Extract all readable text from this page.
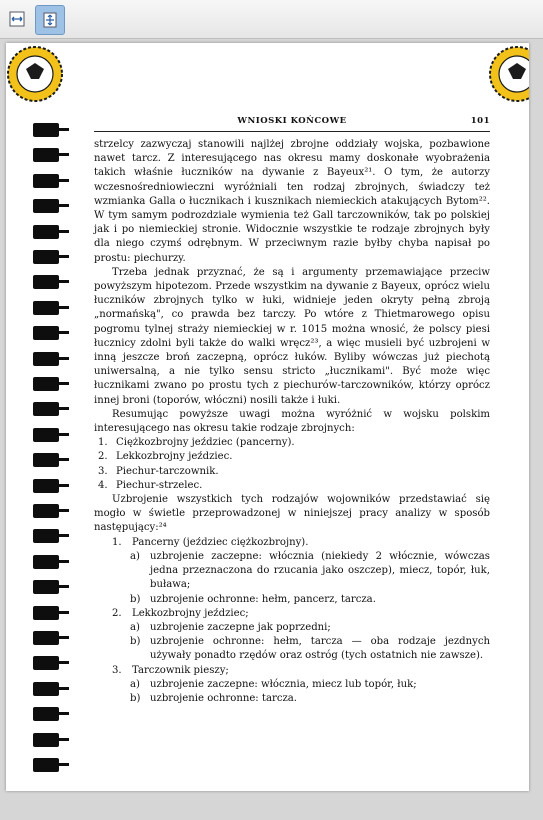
WNIOSKI KOŃCOWE	101

strzelcy zazwyczaj stanowili najlżej zbrojne oddziały wojska, pozbawione nawet tarcz. Z interesującego nas okresu mamy doskonałe wyobrażenia takich właśnie łuczników na dywanie z Bayeux²¹. O tym, że autorzy wczesnośredniowieczni wyróżniali ten rodzaj zbrojnych, świadczy też wzmianka Galla o łucznikach i kusznikach niemieckich atakujących Bytom²². W tym samym podrozdziale wymienia też Gall tarczowników, tak po polskiej jak i po niemieckiej stronie. Widocznie wszystkie te rodzaje zbrojnych były dla niego czymś odrębnym. W przeciwnym razie byłby chyba napisał po prostu: piechurzy.

Trzeba jednak przyznać, że są i argumenty przemawiające przeciw powyższym hipotezom. Przede wszystkim na dywanie z Bayeux, oprócz wielu łuczników zbrojnych tylko w łuki, widnieje jeden okryty pełną zbroją „normańską", co prawda bez tarczy. Po wtóre z Thietmarowego opisu pogromu tylnej straży niemieckiej w r. 1015 można wnosić, że polscy piesi łucznicy zdolni byli także do walki wręcz²³, a więc musieli być uzbrojeni w inną jeszcze broń zaczepną, oprócz łuków. Byliby wówczas już piechotą uniwersalną, a nie tylko sensu stricto „łucznikami". Być może więc łucznikami zwano po prostu tych z piechurów-tarczowników, którzy oprócz innej broni (toporów, włóczni) nosili także i łuki.

Resumując powyższe uwagi można wyróżnić w wojsku polskim interesującego nas okresu takie rodzaje zbrojnych:

1. Ciężkozbrojny jeździec (pancerny).
2. Lekkozbrojny jeździec.
3. Piechur-tarczownik.
4. Piechur-strzelec.

Uzbrojenie wszystkich tych rodzajów wojowników przedstawiać się mogło w świetle przeprowadzonej w niniejszej pracy analizy w sposób następujący:²⁴

1. Pancerny (jeździec ciężkozbrojny).
a) uzbrojenie zaczepne: włócznia (niekiedy 2 włócznie, wówczas jedna przeznaczona do rzucania jako oszczep), miecz, topór, łuk, buława;
b) uzbrojenie ochronne: hełm, pancerz, tarcza.
2. Lekkozbrojny jeździec;
a) uzbrojenie zaczepne jak poprzedni;
b) uzbrojenie ochronne: hełm, tarcza — oba rodzaje jezdnych używały ponadto rzędów oraz ostróg (tych ostatnich nie zawsze).
3. Tarczownik pieszy;
a) uzbrojenie zaczepne: włócznia, miecz lub topór, łuk;
b) uzbrojenie ochronne: tarcza.
